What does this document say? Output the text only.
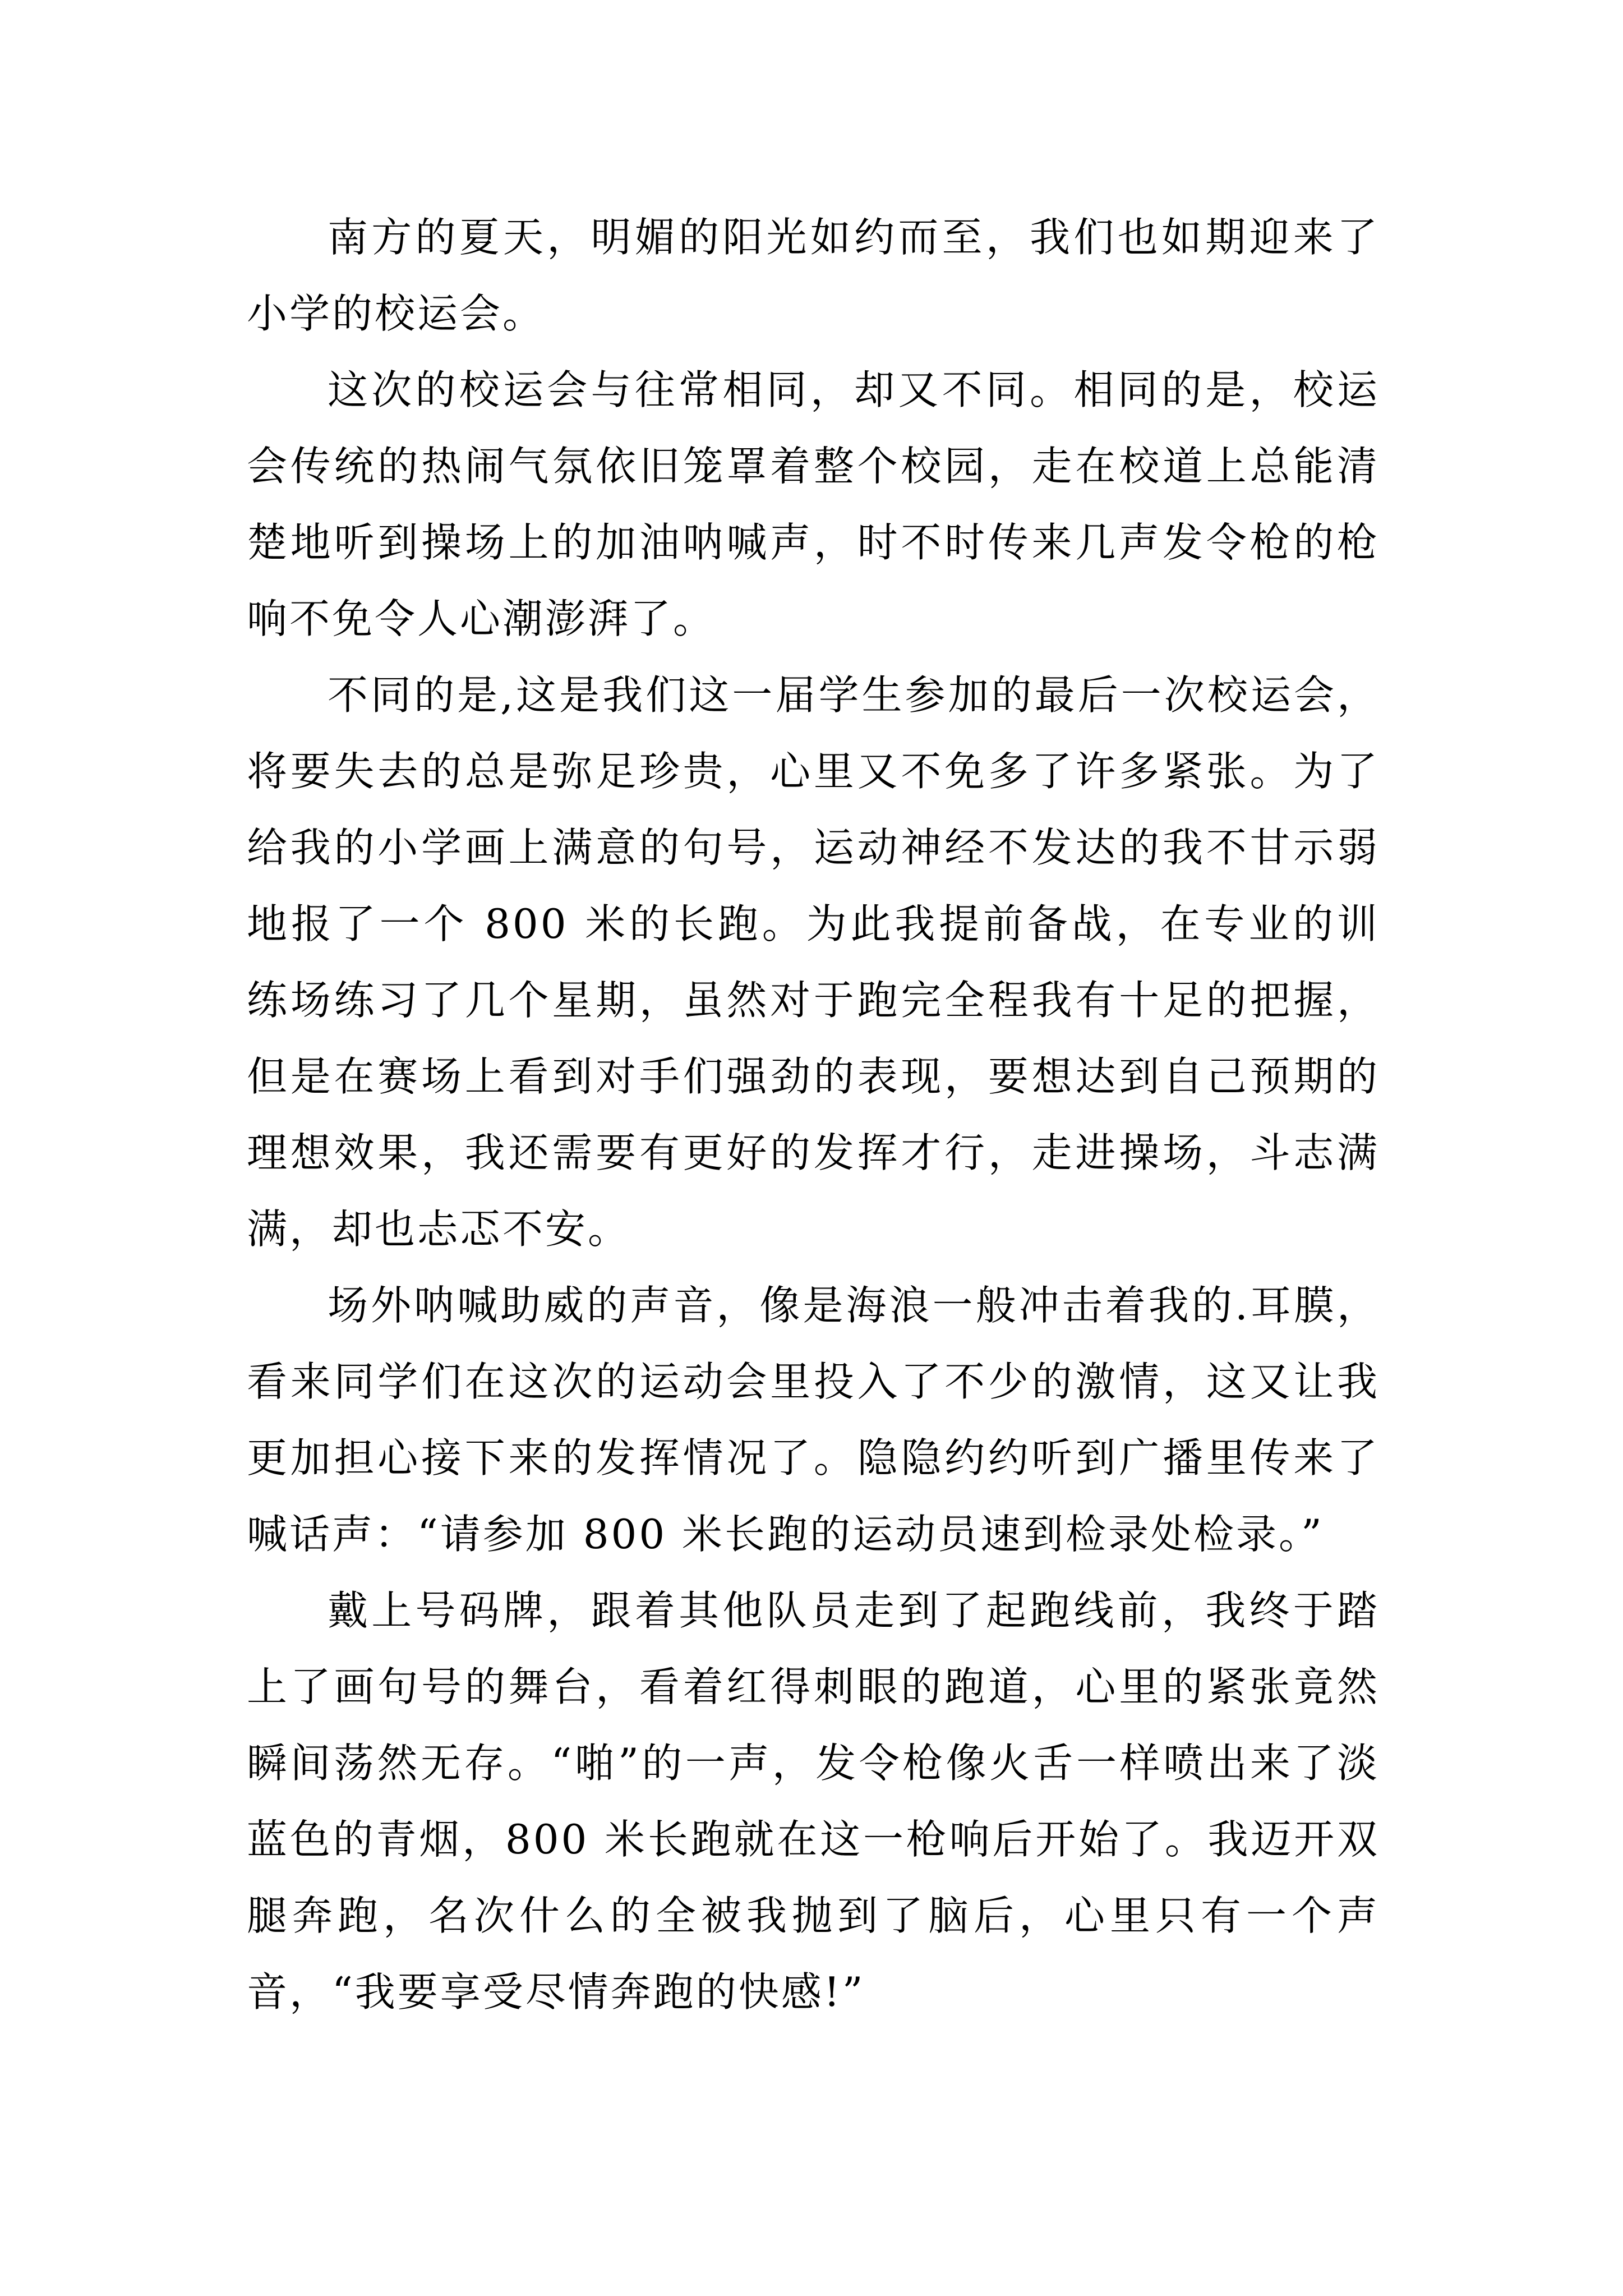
南方的夏天，明媚的阳光如约而至，我们也如期迎来了小学的校运会。

这次的校运会与往常相同，却又不同。相同的是，校运会传统的热闹气氛依旧笼罩着整个校园，走在校道上总能清楚地听到操场上的加油呐喊声，时不时传来几声发令枪的枪响不免令人心潮澎湃了。

不同的是,这是我们这一届学生参加的最后一次校运会，将要失去的总是弥足珍贵，心里又不免多了许多紧张。为了给我的小学画上满意的句号，运动神经不发达的我不甘示弱地报了一个 800 米的长跑。为此我提前备战，在专业的训练场练习了几个星期，虽然对于跑完全程我有十足的把握，但是在赛场上看到对手们强劲的表现，要想达到自己预期的理想效果，我还需要有更好的发挥才行，走进操场，斗志满满，却也忐忑不安。

场外呐喊助威的声音，像是海浪一般冲击着我的.耳膜，看来同学们在这次的运动会里投入了不少的激情，这又让我更加担心接下来的发挥情况了。隐隐约约听到广播里传来了喊话声：“请参加 800 米长跑的运动员速到检录处检录。”

戴上号码牌，跟着其他队员走到了起跑线前，我终于踏上了画句号的舞台，看着红得刺眼的跑道，心里的紧张竟然瞬间荡然无存。“啪”的一声，发令枪像火舌一样喷出来了淡蓝色的青烟，800 米长跑就在这一枪响后开始了。我迈开双腿奔跑，名次什么的全被我抛到了脑后，心里只有一个声音，“我要享受尽情奔跑的快感!”
